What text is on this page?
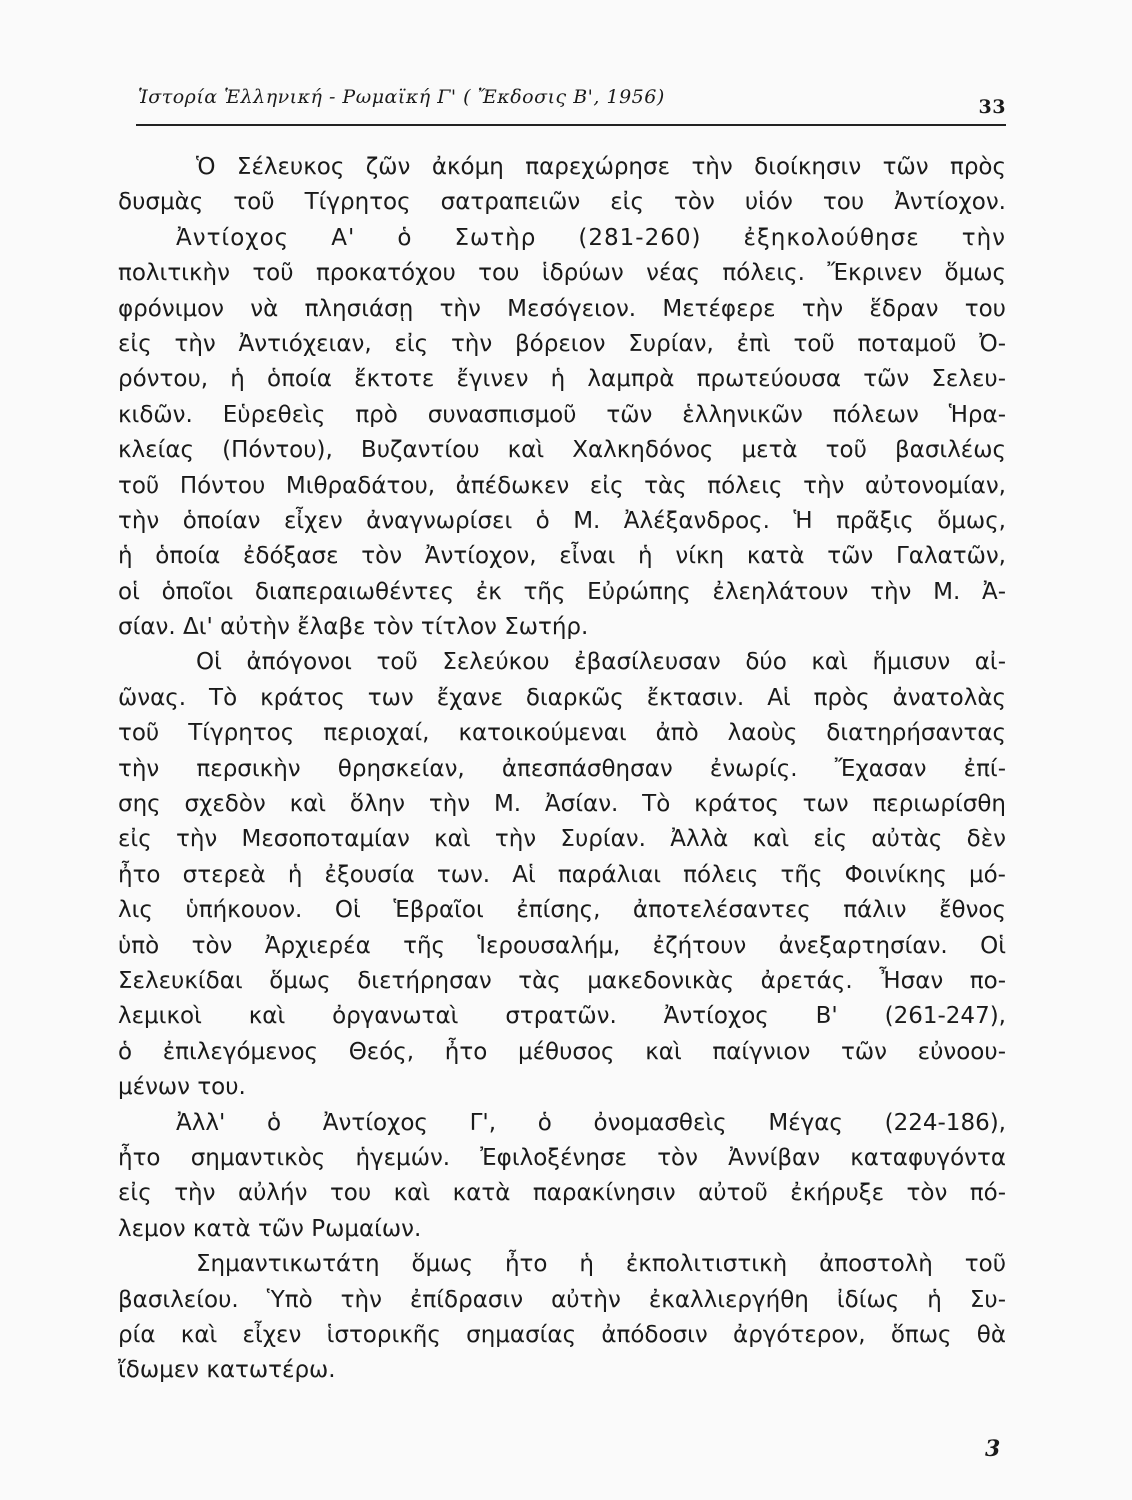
Ἱστορία Ἑλληνική - Ρωμαϊκή Γ' ( Ἔκδοσις Β', 1956)	33
Ὁ Σέλευκος ζῶν ἀκόμη παρεχώρησε τὴν διοίκησιν τῶν πρὸς
δυσμὰς τοῦ Τίγρητος σατραπειῶν εἰς τὸν υἱόν του Ἀντίοχον.
Ἀντίοχος Α' ὁ Σωτὴρ (281-260) ἐξηκολούθησε τὴν
πολιτικὴν τοῦ προκατόχου του ἱδρύων νέας πόλεις. Ἔκρινεν ὅμως
φρόνιμον νὰ πλησιάσῃ τὴν Μεσόγειον. Μετέφερε τὴν ἕδραν του
εἰς τὴν Ἀντιόχειαν, εἰς τὴν βόρειον Συρίαν, ἐπὶ τοῦ ποταμοῦ Ὀ-
ρόντου, ἡ ὁποία ἔκτοτε ἔγινεν ἡ λαμπρὰ πρωτεύουσα τῶν Σελευ-
κιδῶν. Εὑρεθεὶς πρὸ συνασπισμοῦ τῶν ἑλληνικῶν πόλεων Ἡρα-
κλείας (Πόντου), Βυζαντίου καὶ Χαλκηδόνος μετὰ τοῦ βασιλέως
τοῦ Πόντου Μιθραδάτου, ἀπέδωκεν εἰς τὰς πόλεις τὴν αὐτονομίαν,
τὴν ὁποίαν εἶχεν ἀναγνωρίσει ὁ Μ. Ἀλέξανδρος. Ἡ πρᾶξις ὅμως,
ἡ ὁποία ἐδόξασε τὸν Ἀντίοχον, εἶναι ἡ νίκη κατὰ τῶν Γαλατῶν,
οἱ ὁποῖοι διαπεραιωθέντες ἐκ τῆς Εὐρώπης ἐλεηλάτουν τὴν Μ. Ἀ-
σίαν. Δι' αὐτὴν ἔλαβε τὸν τίτλον Σωτήρ.
Οἱ ἀπόγονοι τοῦ Σελεύκου ἐβασίλευσαν δύο καὶ ἥμισυν αἰ-
ῶνας. Τὸ κράτος των ἔχανε διαρκῶς ἔκτασιν. Αἱ πρὸς ἀνατολὰς
τοῦ Τίγρητος περιοχαί, κατοικούμεναι ἀπὸ λαοὺς διατηρήσαντας
τὴν περσικὴν θρησκείαν, ἀπεσπάσθησαν ἐνωρίς. Ἔχασαν ἐπί-
σης σχεδὸν καὶ ὅλην τὴν Μ. Ἀσίαν. Τὸ κράτος των περιωρίσθη
εἰς τὴν Μεσοποταμίαν καὶ τὴν Συρίαν. Ἀλλὰ καὶ εἰς αὐτὰς δὲν
ἦτο στερεὰ ἡ ἐξουσία των. Αἱ παράλιαι πόλεις τῆς Φοινίκης μό-
λις ὑπήκουον. Οἱ Ἑβραῖοι ἐπίσης, ἀποτελέσαντες πάλιν ἔθνος
ὑπὸ τὸν Ἀρχιερέα τῆς Ἱερουσαλήμ, ἐζήτουν ἀνεξαρτησίαν. Οἱ
Σελευκίδαι ὅμως διετήρησαν τὰς μακεδονικὰς ἀρετάς. Ἦσαν πο-
λεμικοὶ καὶ ὀργανωταὶ στρατῶν. Ἀντίοχος Β' (261-247),
ὁ ἐπιλεγόμενος Θεός, ἦτο μέθυσος καὶ παίγνιον τῶν εὐνοου-
μένων του.
Ἀλλ' ὁ Ἀντίοχος Γ', ὁ ὀνομασθεὶς Μέγας (224-186),
ἦτο σημαντικὸς ἡγεμών. Ἐφιλοξένησε τὸν Ἀννίβαν καταφυγόντα
εἰς τὴν αὐλήν του καὶ κατὰ παρακίνησιν αὐτοῦ ἐκήρυξε τὸν πό-
λεμον κατὰ τῶν Ρωμαίων.
Σημαντικωτάτη ὅμως ἦτο ἡ ἐκπολιτιστικὴ ἀποστολὴ τοῦ
βασιλείου. Ὑπὸ τὴν ἐπίδρασιν αὐτὴν ἐκαλλιεργήθη ἰδίως ἡ Συ-
ρία καὶ εἶχεν ἱστορικῆς σημασίας ἀπόδοσιν ἀργότερον, ὅπως θὰ
ἴδωμεν κατωτέρω.
3
